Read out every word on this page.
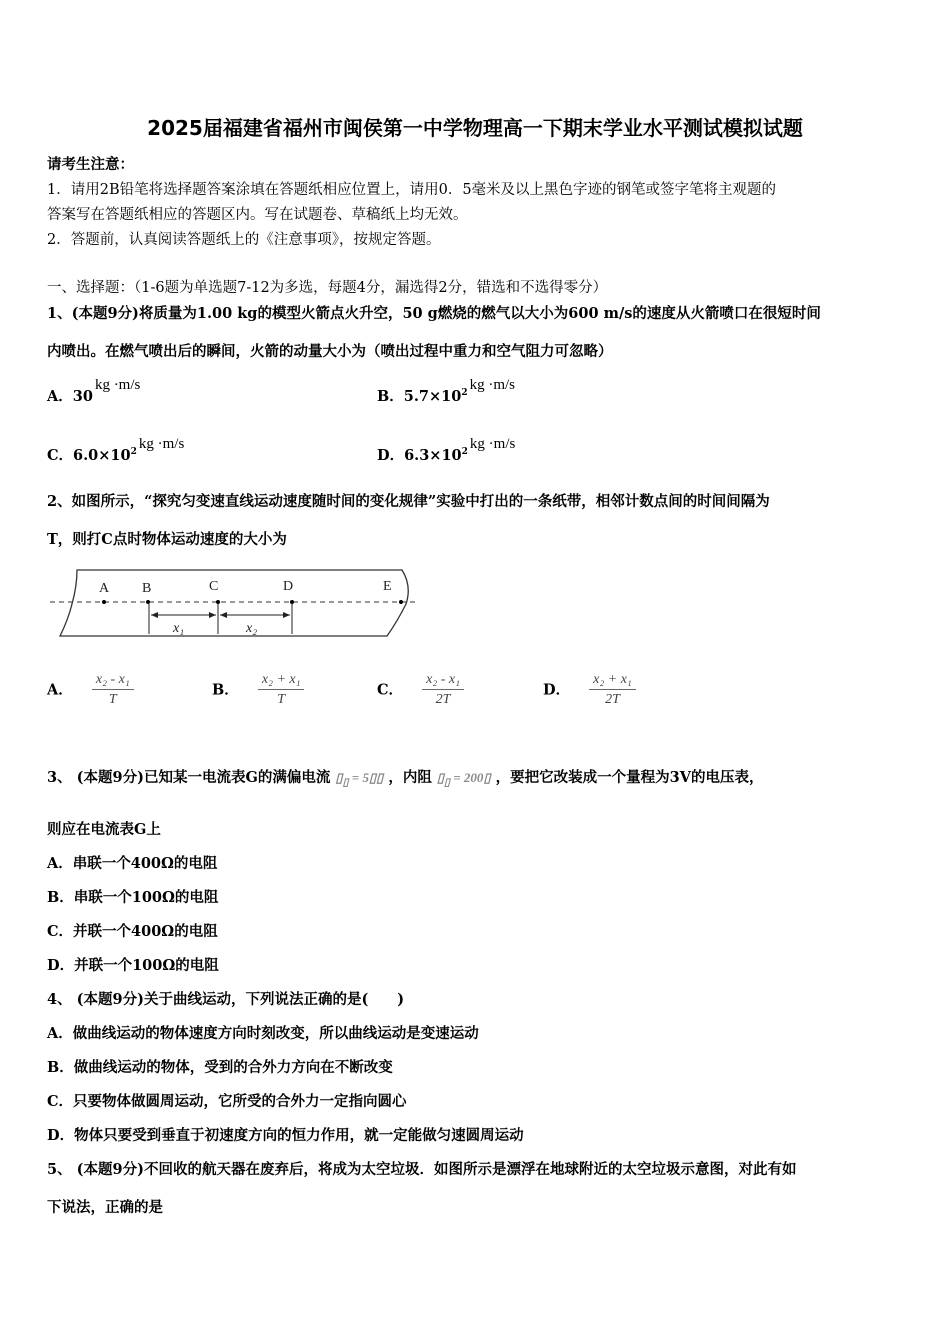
2025届福建省福州市闽侯第一中学物理高一下期末学业水平测试模拟试题
请考生注意：
1．请用2B铅笔将选择题答案涂填在答题纸相应位置上，请用0．5毫米及以上黑色字迹的钢笔或签字笔将主观题的
答案写在答题纸相应的答题区内。写在试题卷、草稿纸上均无效。
2．答题前，认真阅读答题纸上的《注意事项》，按规定答题。
一、选择题：（1-6题为单选题7-12为多选，每题4分，漏选得2分，错选和不选得零分）
1、(本题9分)将质量为1.00 kg的模型火箭点火升空，50 g燃烧的燃气以大小为600 m/s的速度从火箭喷口在很短时间
内喷出。在燃气喷出后的瞬间，火箭的动量大小为（喷出过程中重力和空气阻力可忽略）
A．30kg ·m/s
B．$5.7\times 10^2kg \cdot m/s$
C．$6.0\times 10^2kg \cdot m/s$
D．$6.3\times 10^2kg \cdot m/s$
2、如图所示，“探究匀变速直线运动速度随时间的变化规律”实验中打出的一条纸带，相邻计数点间的时间间隔为
T，则打C点时物体运动速度的大小为
A B	C	D	E
x₁	x₂
A． $\frac{\text{x₂ - x₁}}{T}$	B． $\frac{\text{x₂ + x₁}}{T}$	C． $\frac{\text{x₂ - x₁}}{2T}$	D． $\frac{\text{x₂ + x₁}}{2T}$
3、 (本题9分)已知某一电流表G的满偏电流 $▯_▯$ = 5▯▯ ，内阻 $▯_▯$ = 200▯ ，要把它改装成一个量程为3V的电压表，
则应在电流表G上
A．串联一个400Ω的电阻
B．串联一个100Ω的电阻
C．并联一个400Ω的电阻
D．并联一个100Ω的电阻
4、 (本题9分)关于曲线运动，下列说法正确的是(　　)
A．做曲线运动的物体速度方向时刻改变，所以曲线运动是变速运动
B．做曲线运动的物体，受到的合外力方向在不断改变
C．只要物体做圆周运动，它所受的合外力一定指向圆心
D．物体只要受到垂直于初速度方向的恒力作用，就一定能做匀速圆周运动
5、 (本题9分)不回收的航天器在废弃后，将成为太空垃圾．如图所示是漂浮在地球附近的太空垃圾示意图，对此有如
下说法，正确的是
